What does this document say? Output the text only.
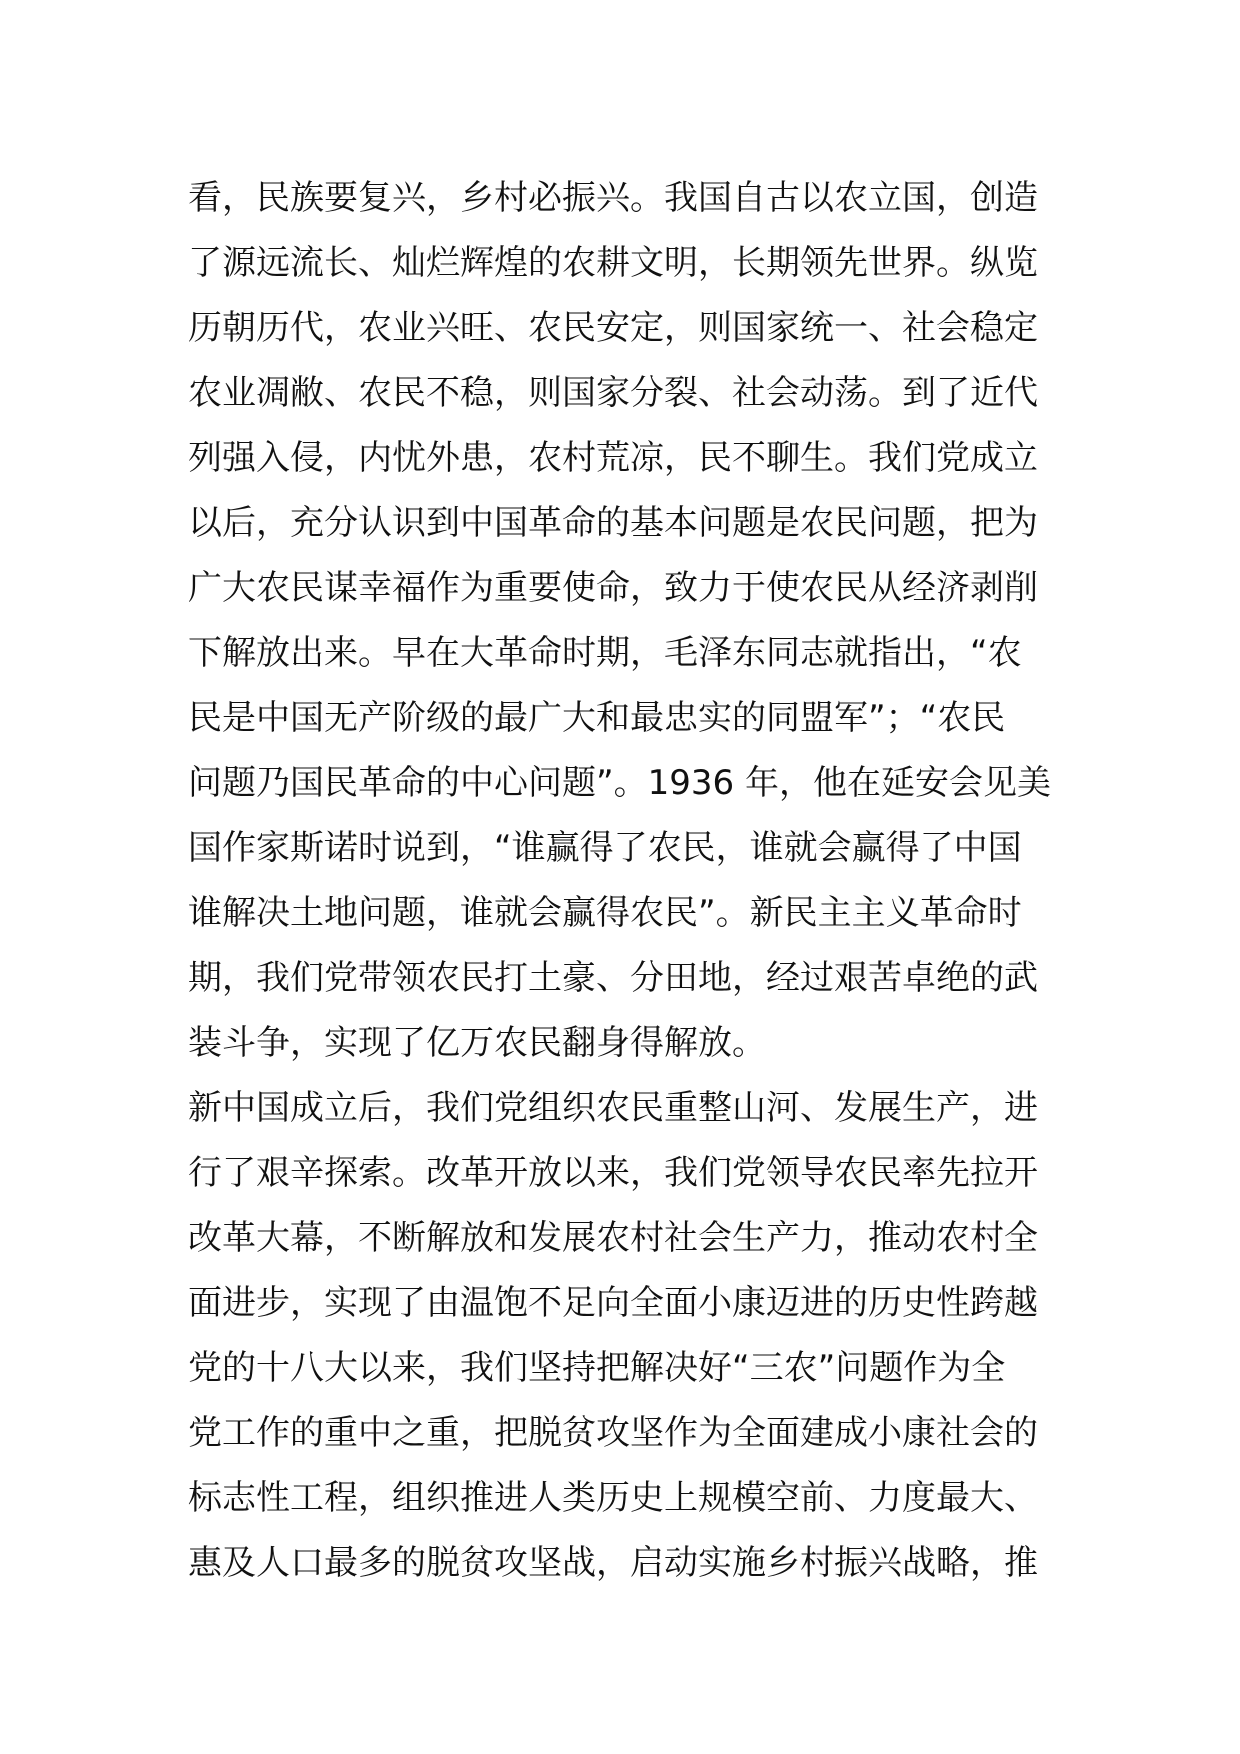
看，民族要复兴，乡村必振兴。我国自古以农立国，创造
了源远流长、灿烂辉煌的农耕文明，长期领先世界。纵览
历朝历代，农业兴旺、农民安定，则国家统一、社会稳定
农业凋敝、农民不稳，则国家分裂、社会动荡。到了近代
列强入侵，内忧外患，农村荒凉，民不聊生。我们党成立
以后，充分认识到中国革命的基本问题是农民问题，把为
广大农民谋幸福作为重要使命，致力于使农民从经济剥削
下解放出来。早在大革命时期，毛泽东同志就指出，“农
民是中国无产阶级的最广大和最忠实的同盟军”；“农民
问题乃国民革命的中心问题”。1936 年，他在延安会见美
国作家斯诺时说到，“谁赢得了农民，谁就会赢得了中国
谁解决土地问题，谁就会赢得农民”。新民主主义革命时
期，我们党带领农民打土豪、分田地，经过艰苦卓绝的武
装斗争，实现了亿万农民翻身得解放。
新中国成立后，我们党组织农民重整山河、发展生产，进
行了艰辛探索。改革开放以来，我们党领导农民率先拉开
改革大幕，不断解放和发展农村社会生产力，推动农村全
面进步，实现了由温饱不足向全面小康迈进的历史性跨越
党的十八大以来，我们坚持把解决好“三农”问题作为全
党工作的重中之重，把脱贫攻坚作为全面建成小康社会的
标志性工程，组织推进人类历史上规模空前、力度最大、
惠及人口最多的脱贫攻坚战，启动实施乡村振兴战略，推
